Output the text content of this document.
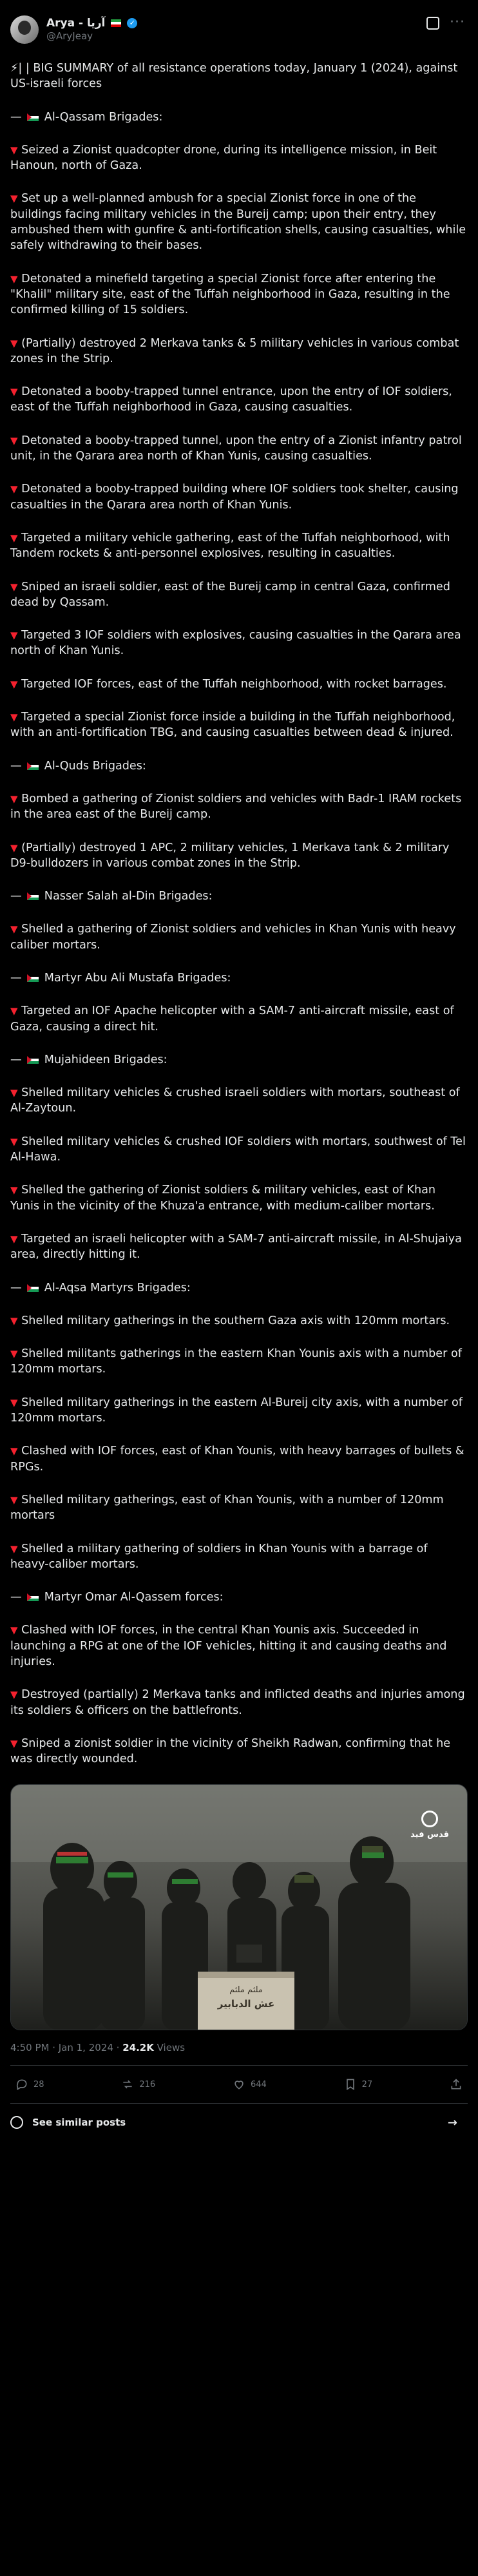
Arya - آریا	✓
@AryJeay
···

⚡| | BIG SUMMARY of all resistance operations today, January 1 (2024), against US-israeli forces

—  Al-Qassam Brigades:

▼ Seized a Zionist quadcopter drone, during its intelligence mission, in Beit Hanoun, north of Gaza.

▼ Set up a well-planned ambush for a special Zionist force in one of the buildings facing military vehicles in the Bureij camp; upon their entry, they ambushed them with gunfire & anti-fortification shells, causing casualties, while safely withdrawing to their bases.

▼ Detonated a minefield targeting a special Zionist force after entering the "Khalil" military site, east of the Tuffah neighborhood in Gaza, resulting in the confirmed killing of 15 soldiers.

▼ (Partially) destroyed 2 Merkava tanks & 5 military vehicles in various combat zones in the Strip.

▼ Detonated a booby-trapped tunnel entrance, upon the entry of IOF soldiers, east of the Tuffah neighborhood in Gaza, causing casualties.

▼ Detonated a booby-trapped tunnel, upon the entry of a Zionist infantry patrol unit, in the Qarara area north of Khan Yunis, causing casualties.

▼ Detonated a booby-trapped building where IOF soldiers took shelter, causing casualties in the Qarara area north of Khan Yunis.

▼ Targeted a military vehicle gathering, east of the Tuffah neighborhood, with Tandem rockets & anti-personnel explosives, resulting in casualties.

▼ Sniped an israeli soldier, east of the Bureij camp in central Gaza, confirmed dead by Qassam.

▼ Targeted 3 IOF soldiers with explosives, causing casualties in the Qarara area north of Khan Yunis.

▼ Targeted IOF forces, east of the Tuffah neighborhood, with rocket barrages.

▼ Targeted a special Zionist force inside a building in the Tuffah neighborhood, with an anti-fortification TBG, and causing casualties between dead & injured.

—  Al-Quds Brigades:

▼ Bombed a gathering of Zionist soldiers and vehicles with Badr-1 IRAM rockets in the area east of the Bureij camp.

▼ (Partially) destroyed 1 APC, 2 military vehicles, 1 Merkava tank & 2 military D9-bulldozers in various combat zones in the Strip.

—  Nasser Salah al-Din Brigades:

▼ Shelled a gathering of Zionist soldiers and vehicles in Khan Yunis with heavy caliber mortars.

—  Martyr Abu Ali Mustafa Brigades:

▼ Targeted an IOF Apache helicopter with a SAM-7 anti-aircraft missile, east of Gaza, causing a direct hit.

—  Mujahideen Brigades:

▼ Shelled military vehicles & crushed israeli soldiers with mortars, southeast of Al-Zaytoun.

▼ Shelled military vehicles & crushed IOF soldiers with mortars, southwest of Tel Al-Hawa.

▼ Shelled the gathering of Zionist soldiers & military vehicles, east of Khan Yunis in the vicinity of the Khuza'a entrance, with medium-caliber mortars.

▼ Targeted an israeli helicopter with a SAM-7 anti-aircraft missile, in Al-Shujaiya area, directly hitting it.

—  Al-Aqsa Martyrs Brigades:

▼ Shelled military gatherings in the southern Gaza axis with 120mm mortars.

▼ Shelled militants gatherings in the eastern Khan Younis axis with a number of 120mm mortars.

▼ Shelled military gatherings in the eastern Al-Bureij city axis, with a number of 120mm mortars.

▼ Clashed with IOF forces, east of Khan Younis, with heavy barrages of bullets & RPGs.

▼ Shelled military gatherings, east of Khan Younis, with a number of 120mm mortars

▼ Shelled a military gathering of soldiers in Khan Younis with a barrage of heavy-caliber mortars.

—  Martyr Omar Al-Qassem forces:

▼ Clashed with IOF forces, in the central Khan Younis axis. Succeeded in launching a RPG at one of the IOF vehicles, hitting it and causing deaths and injuries.

▼ Destroyed (partially) 2 Merkava tanks and inflicted deaths and injuries among its soldiers & officers on the battlefronts.

▼ Sniped a zionist soldier in the vicinity of Sheikh Radwan, confirming that he was directly wounded.

ملثم ملثم
عش الدبابير
قدس فيد
4:50 PM · Jan 1, 2024 · 24.2K Views
28	216	644	27
See similar posts	→
